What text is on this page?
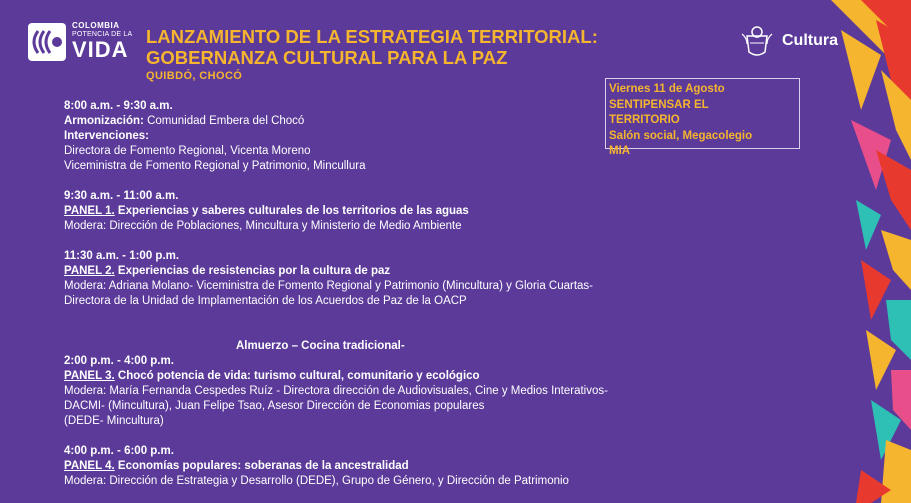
COLOMBIA
POTENCIA DE LA
VIDA
LANZAMIENTO DE LA ESTRATEGIA TERRITORIAL:
GOBERNANZA CULTURAL PARA LA PAZ
QUIBDÓ, CHOCÓ
Cultura
Viernes 11 de Agosto
SENTIPENSAR EL
TERRITORIO
Salón social, Megacolegio
MIA
8:00 a.m. - 9:30 a.m.
Armonización: Comunidad Embera del Chocó
Intervenciones:
Directora de Fomento Regional, Vicenta Moreno
Viceministra de Fomento Regional y Patrimonio, Mincullura
9:30 a.m. - 11:00 a.m.
PANEL 1. Experiencias y saberes culturales de los territorios de las aguas
Modera: Dirección de Poblaciones, Mincultura y Ministerio de Medio Ambiente
11:30 a.m. - 1:00 p.m.
PANEL 2. Experiencias de resistencias por la cultura de paz
Modera: Adriana Molano- Viceministra de Fomento Regional y Patrimonio (Mincultura) y Gloria Cuartas-
Directora de la Unidad de Implamentación de los Acuerdos de Paz de la OACP
Almuerzo – Cocina tradicional-
2:00 p.m. - 4:00 p.m.
PANEL 3. Chocó potencia de vida: turismo cultural, comunitario y ecológico
Modera: María Fernanda Cespedes Ruíz - Directora dirección de Audiovisuales, Cine y Medios Interativos-
DACMI- (Mincultura), Juan Felipe Tsao, Asesor Dirección de Economias populares
(DEDE- Mincultura)
4:00 p.m. - 6:00 p.m.
PANEL 4. Economías populares: soberanas de la ancestralidad
Modera: Dirección de Estrategia y Desarrollo (DEDE), Grupo de Género, y Dirección de Patrimonio
